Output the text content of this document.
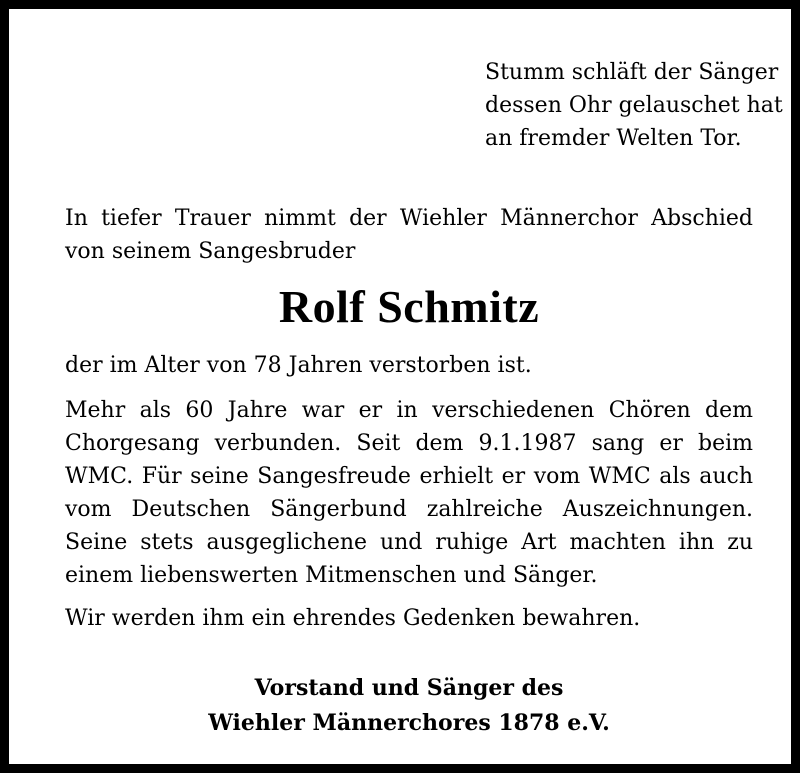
Stumm schläft der Sänger
dessen Ohr gelauschet hat
an fremder Welten Tor.
In tiefer Trauer nimmt der Wiehler Männerchor Abschied von seinem Sangesbruder
Rolf Schmitz
der im Alter von 78 Jahren verstorben ist.
Mehr als 60 Jahre war er in verschiedenen Chören dem Chorgesang verbunden. Seit dem 9.1.1987 sang er beim WMC. Für seine Sangesfreude erhielt er vom WMC als auch vom Deutschen Sängerbund zahlreiche Auszeichnungen. Seine stets ausgeglichene und ruhige Art machten ihn zu einem liebenswerten Mitmenschen und Sänger.
Wir werden ihm ein ehrendes Gedenken bewahren.
Vorstand und Sänger des
Wiehler Männerchores 1878 e.V.
